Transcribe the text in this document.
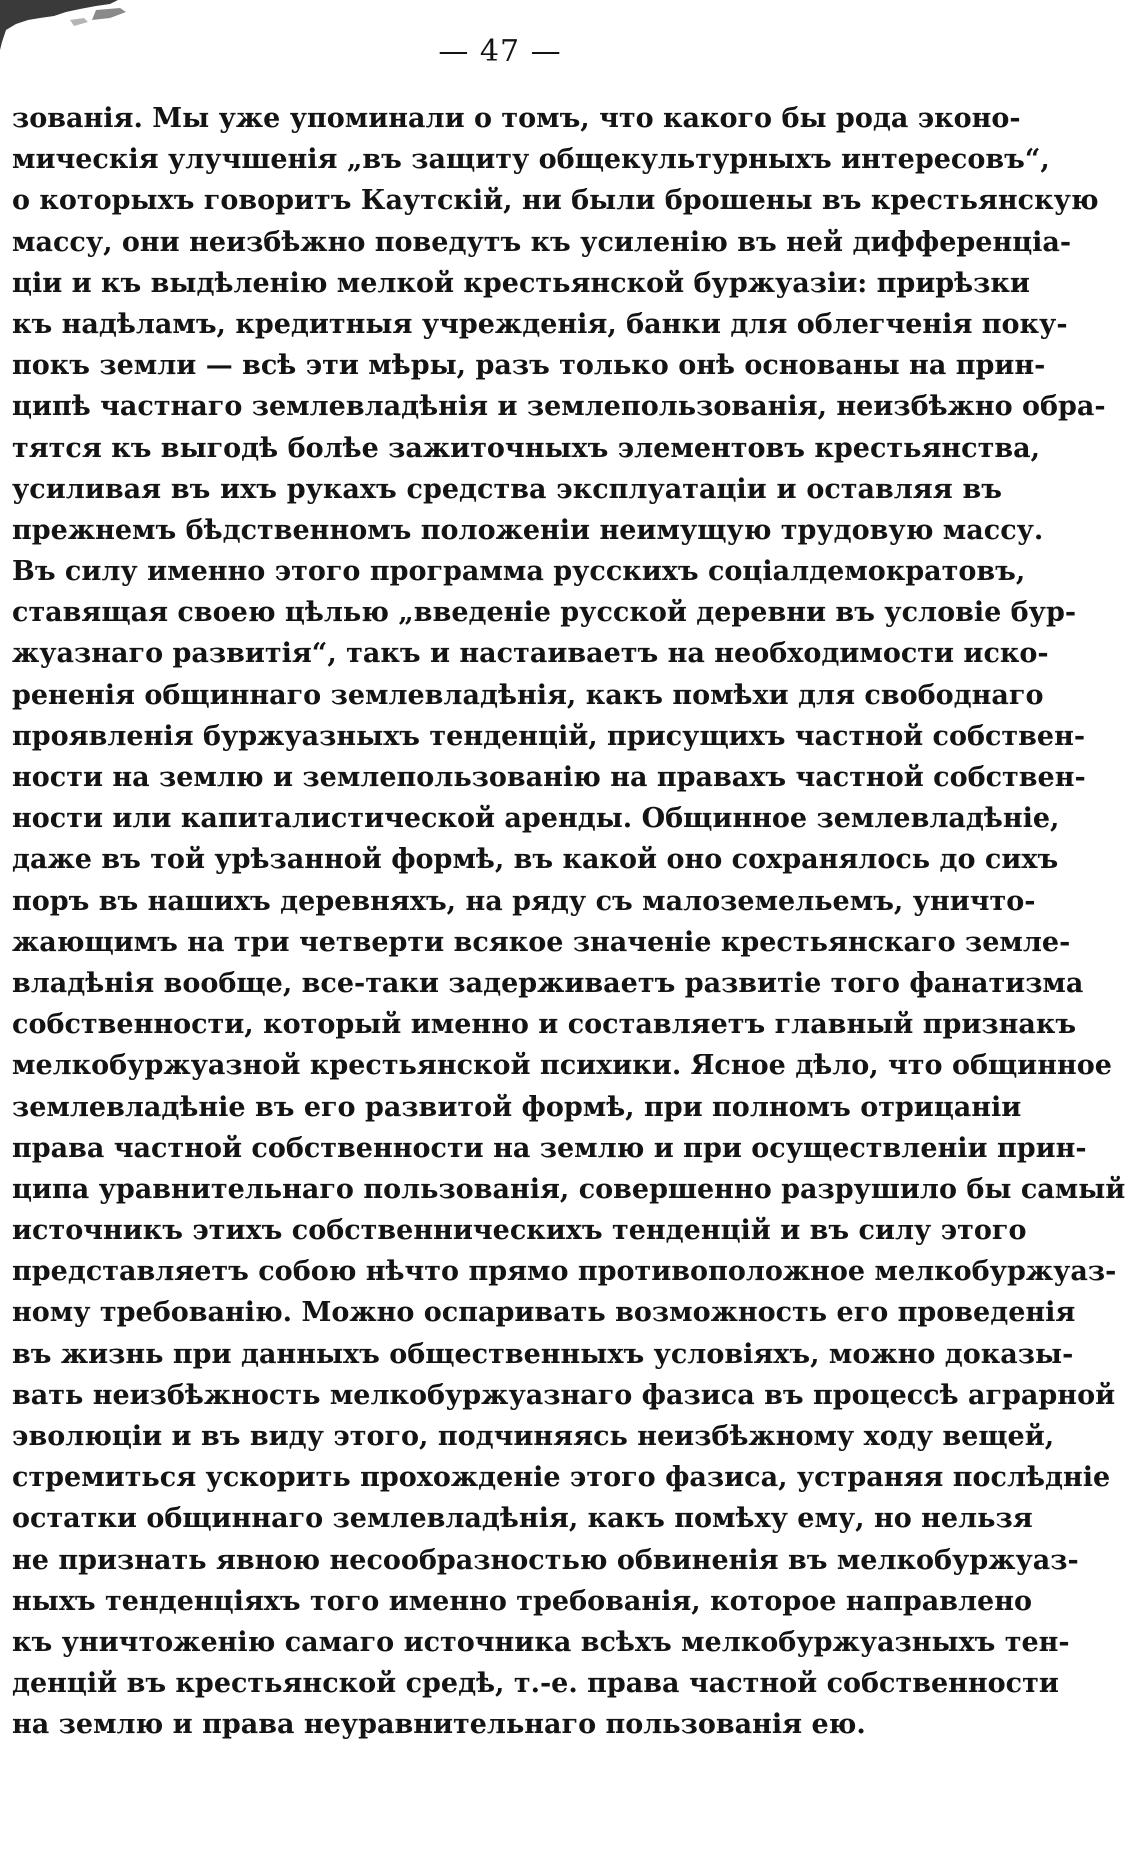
— 47 —
зованія. Мы уже упоминали о томъ, что какого бы рода эконо-
мическія улучшенія „въ защиту общекультурныхъ интересовъ“,
о которыхъ говоритъ Каутскій, ни были брошены въ крестьянскую
массу, они неизбѣжно поведутъ къ усиленію въ ней дифференціа-
ціи и къ выдѣленію мелкой крестьянской буржуазіи: прирѣзки
къ надѣламъ, кредитныя учрежденія, банки для облегченія поку-
покъ земли — всѣ эти мѣры, разъ только онѣ основаны на прин-
ципѣ частнаго землевладѣнія и землепользованія, неизбѣжно обра-
тятся къ выгодѣ болѣе зажиточныхъ элементовъ крестьянства,
усиливая въ ихъ рукахъ средства эксплуатаціи и оставляя въ
прежнемъ бѣдственномъ положеніи неимущую трудовую массу.
Въ силу именно этого программа русскихъ соціалдемократовъ,
ставящая своею цѣлью „введеніе русской деревни въ условіе бур-
жуазнаго развитія“, такъ и настаиваетъ на необходимости иско-
рененія общиннаго землевладѣнія, какъ помѣхи для свободнаго
проявленія буржуазныхъ тенденцій, присущихъ частной собствен-
ности на землю и землепользованію на правахъ частной собствен-
ности или капиталистической аренды. Общинное землевладѣніе,
даже въ той урѣзанной формѣ, въ какой оно сохранялось до сихъ
поръ въ нашихъ деревняхъ, на ряду съ малоземельемъ, уничто-
жающимъ на три четверти всякое значеніе крестьянскаго земле-
владѣнія вообще, все-таки задерживаетъ развитіе того фанатизма
собственности, который именно и составляетъ главный признакъ
мелкобуржуазной крестьянской психики. Ясное дѣло, что общинное
землевладѣніе въ его развитой формѣ, при полномъ отрицаніи
права частной собственности на землю и при осуществленіи прин-
ципа уравнительнаго пользованія, совершенно разрушило бы самый
источникъ этихъ собственническихъ тенденцій и въ силу этого
представляетъ собою нѣчто прямо противоположное мелкобуржуаз-
ному требованію. Можно оспаривать возможность его проведенія
въ жизнь при данныхъ общественныхъ условіяхъ, можно доказы-
вать неизбѣжность мелкобуржуазнаго фазиса въ процессѣ аграрной
эволюціи и въ виду этого, подчиняясь неизбѣжному ходу вещей,
стремиться ускорить прохожденіе этого фазиса, устраняя послѣдніе
остатки общиннаго землевладѣнія, какъ помѣху ему, но нельзя
не признать явною несообразностью обвиненія въ мелкобуржуаз-
ныхъ тенденціяхъ того именно требованія, которое направлено
къ уничтоженію самаго источника всѣхъ мелкобуржуазныхъ тен-
денцій въ крестьянской средѣ, т.-е. права частной собственности
на землю и права неуравнительнаго пользованія ею.
